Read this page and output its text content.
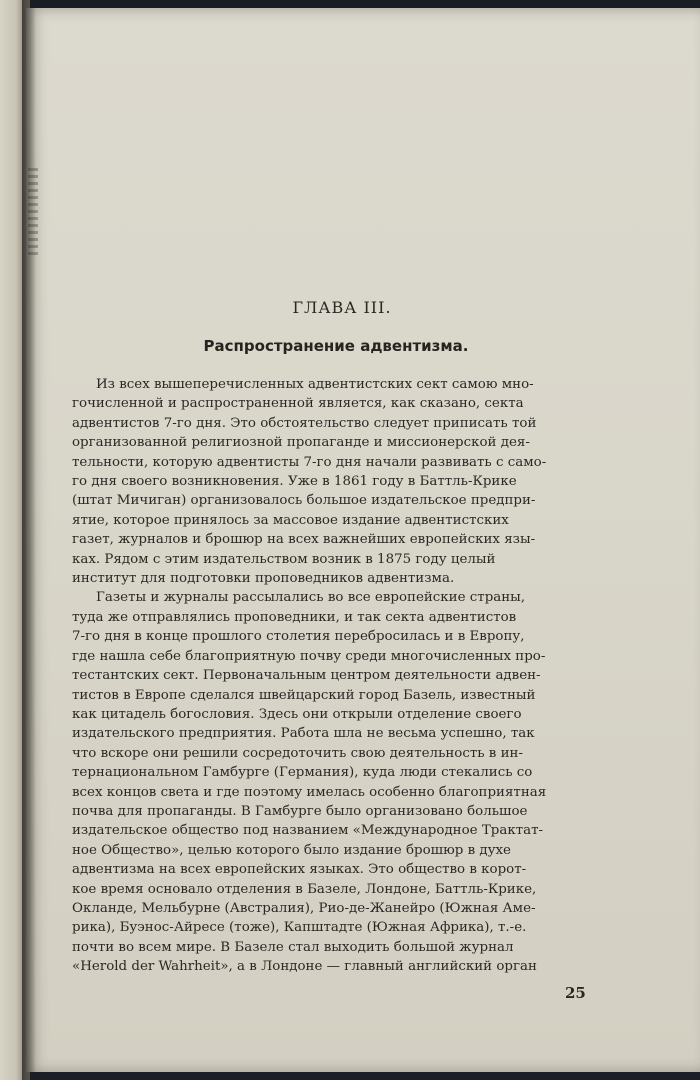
ГЛАВА III.
Распространение адвентизма.

Из всех вышеперечисленных адвентистских сект самою мно-

гочисленной и распространенной является, как сказано, секта

адвентистов 7-го дня. Это обстоятельство следует приписать той

организованной религиозной пропаганде и миссионерской дея-

тельности, которую адвентисты 7-го дня начали развивать с само-

го дня своего возникновения. Уже в 1861 году в Баттль-Крике

(штат Мичиган) организовалось большое издательское предпри-

ятие, которое принялось за массовое издание адвентистских

газет, журналов и брошюр на всех важнейших европейских язы-

ках. Рядом с этим издательством возник в 1875 году целый

институт для подготовки проповедников адвентизма.

Газеты и журналы рассылались во все европейские страны,

туда же отправлялись проповедники, и так секта адвентистов

7-го дня в конце прошлого столетия перебросилась и в Европу,

где нашла себе благоприятную почву среди многочисленных про-

тестантских сект. Первоначальным центром деятельности адвен-

тистов в Европе сделался швейцарский город Базель, известный

как цитадель богословия. Здесь они открыли отделение своего

издательского предприятия. Работа шла не весьма успешно, так

что вскоре они решили сосредоточить свою деятельность в ин-

тернациональном Гамбурге (Германия), куда люди стекались со

всех концов света и где поэтому имелась особенно благоприятная

почва для пропаганды. В Гамбурге было организовано большое

издательское общество под названием «Международное Трактат-

ное Общество», целью которого было издание брошюр в духе

адвентизма на всех европейских языках. Это общество в корот-

кое время основало отделения в Базеле, Лондоне, Баттль-Крике,

Окланде, Мельбурне (Австралия), Рио-де-Жанейро (Южная Аме-

рика), Буэнос-Айресе (тоже), Капштадте (Южная Африка), т.-е.

почти во всем мире. В Базеле стал выходить большой журнал

«Herold der Wahrheit», а в Лондоне — главный английский орган

25
